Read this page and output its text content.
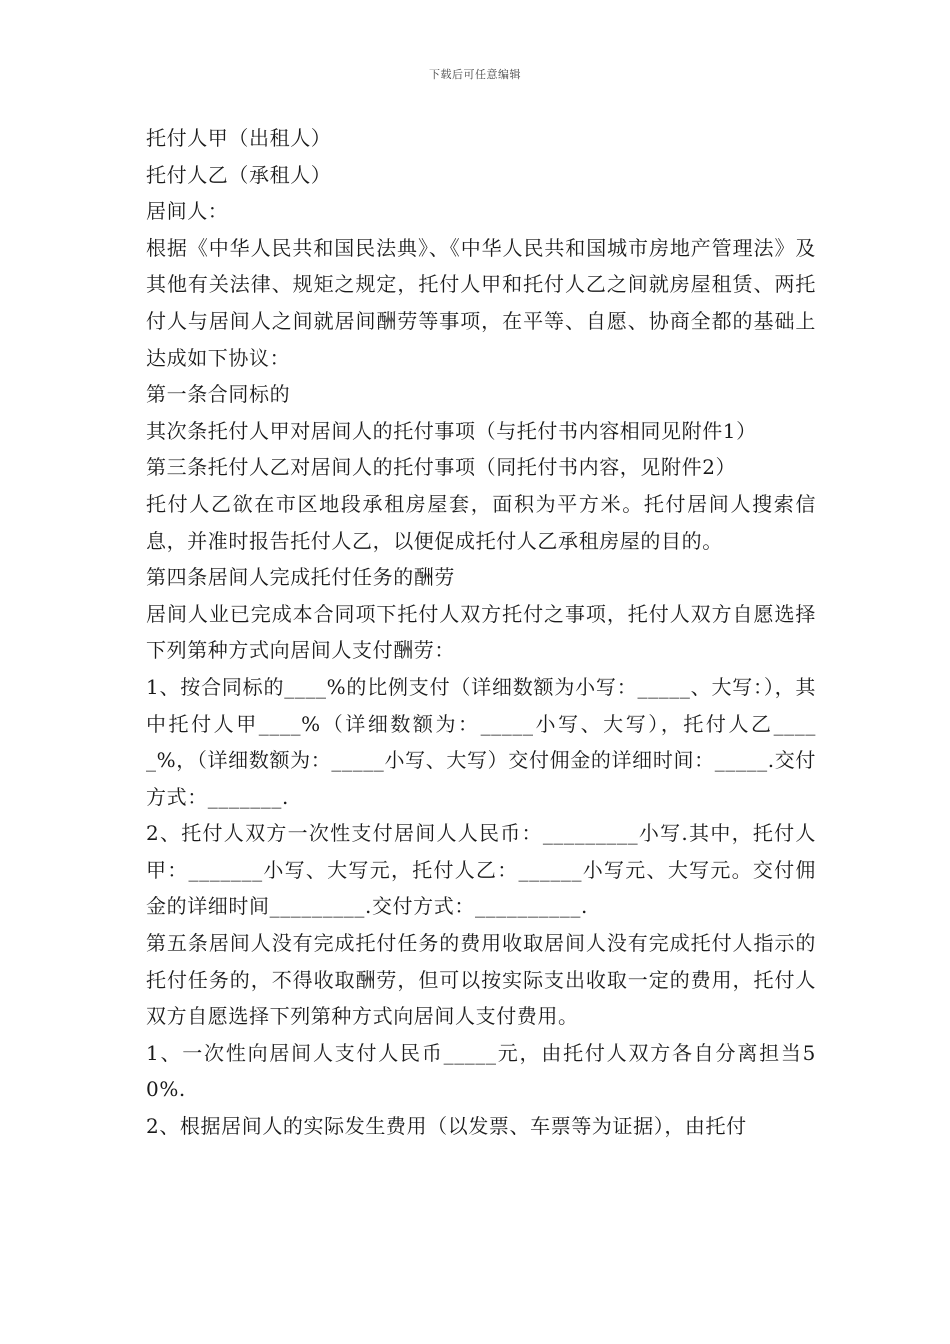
下载后可任意编辑

托付人甲（出租人）

托付人乙（承租人）

居间人：

根据《中华人民共和国民法典》、《中华人民共和国城市房地产管理法》及其他有关法律、规矩之规定，托付人甲和托付人乙之间就房屋租赁、两托付人与居间人之间就居间酬劳等事项，在平等、自愿、协商全都的基础上达成如下协议：

第一条合同标的

其次条托付人甲对居间人的托付事项（与托付书内容相同见附件1）

第三条托付人乙对居间人的托付事项（同托付书内容，见附件2）

托付人乙欲在市区地段承租房屋套，面积为平方米。托付居间人搜索信息，并准时报告托付人乙，以便促成托付人乙承租房屋的目的。

第四条居间人完成托付任务的酬劳

居间人业已完成本合同项下托付人双方托付之事项，托付人双方自愿选择下列第种方式向居间人支付酬劳：

1、按合同标的____%的比例支付（详细数额为小写：_____、大写：），其中托付人甲____%（详细数额为：_____小写、大写），托付人乙_____%，（详细数额为：_____小写、大写）交付佣金的详细时间：_____.交付方式：_______.

2、托付人双方一次性支付居间人人民币：_________小写.其中，托付人甲：_______小写、大写元，托付人乙：______小写元、大写元。交付佣金的详细时间_________.交付方式：__________.

第五条居间人没有完成托付任务的费用收取居间人没有完成托付人指示的托付任务的，不得收取酬劳，但可以按实际支出收取一定的费用，托付人双方自愿选择下列第种方式向居间人支付费用。

1、一次性向居间人支付人民币_____元，由托付人双方各自分离担当50%.

2、根据居间人的实际发生费用（以发票、车票等为证据），由托付
